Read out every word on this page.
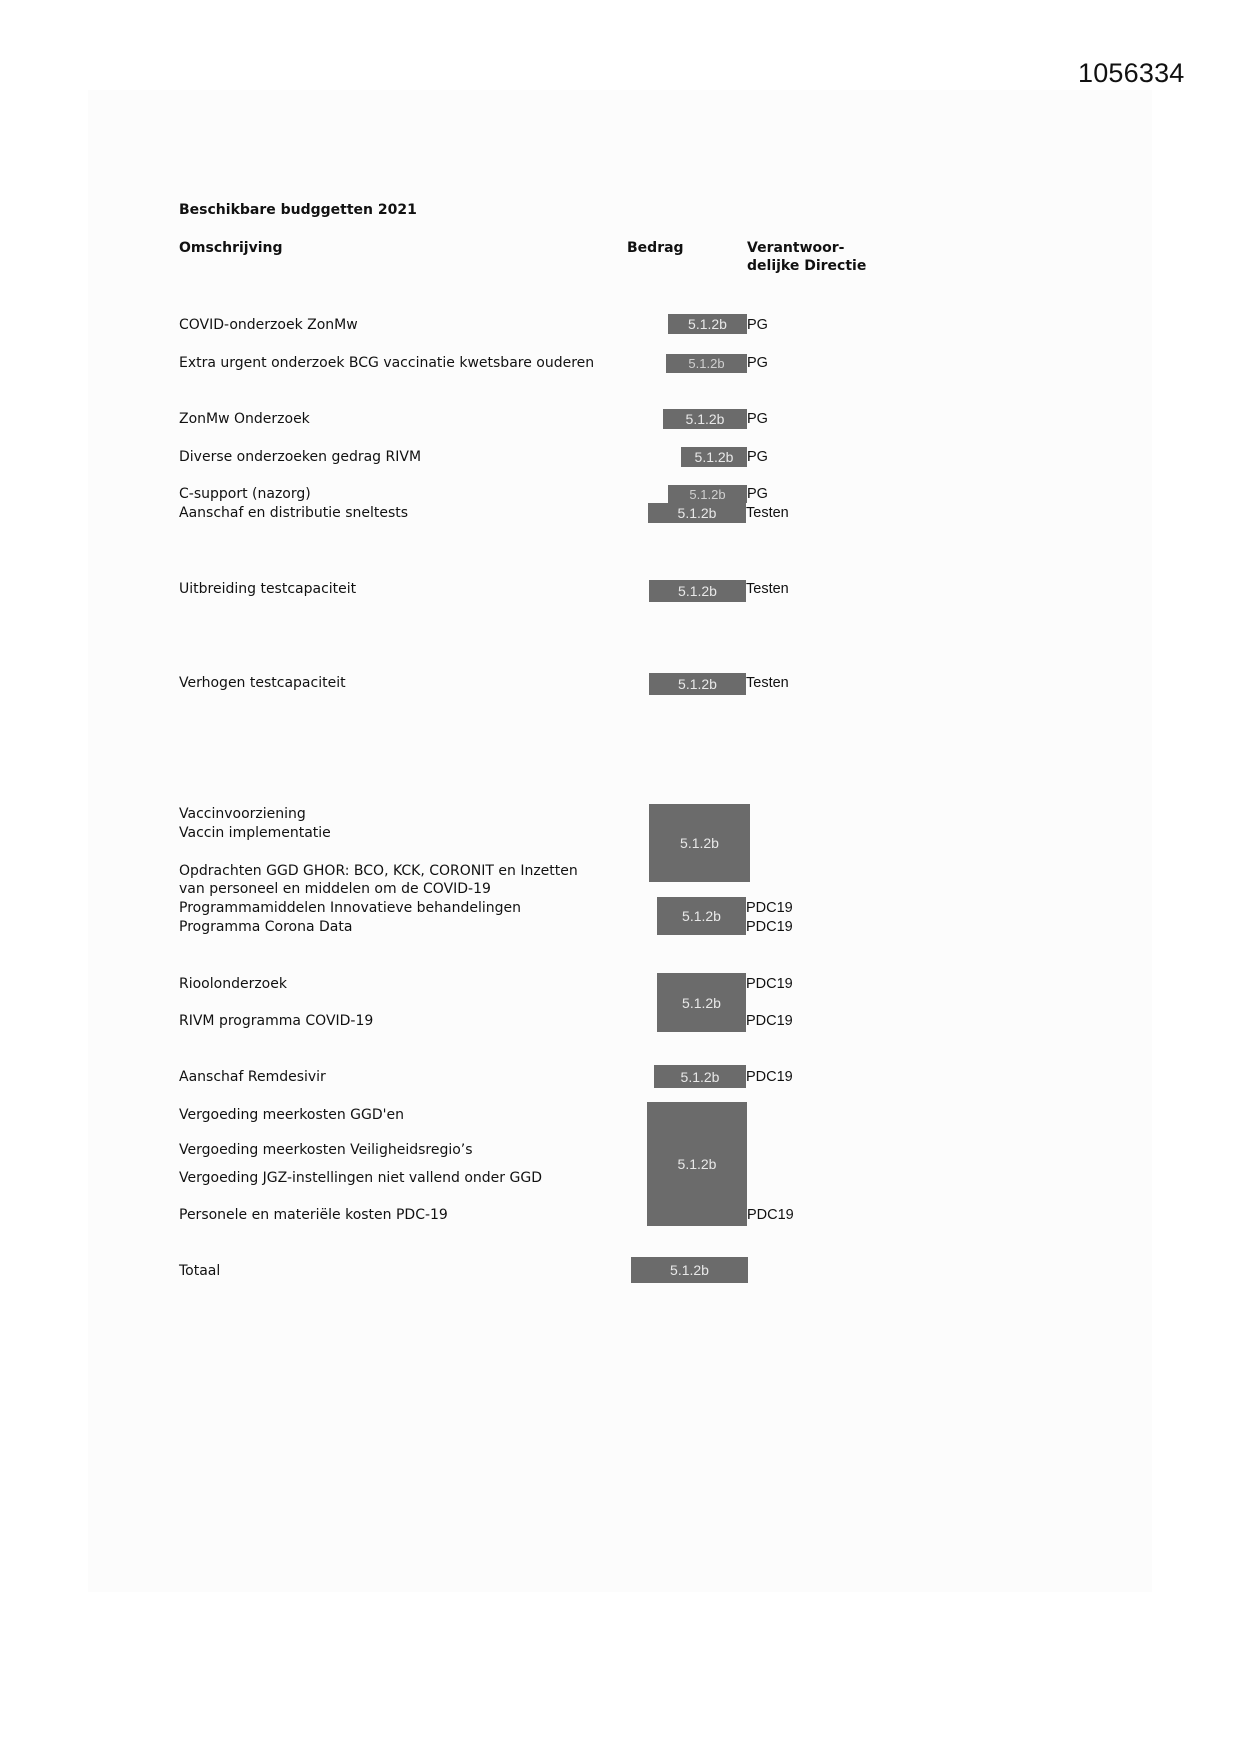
1056334
Beschikbare budggetten 2021
Omschrijving	Bedrag	Verantwoor-
delijke Directie
COVID-onderzoek ZonMw
Extra urgent onderzoek BCG vaccinatie kwetsbare ouderen
ZonMw Onderzoek
Diverse onderzoeken gedrag RIVM
C-support (nazorg)
Aanschaf en distributie sneltests
Uitbreiding testcapaciteit
Verhogen testcapaciteit
Vaccinvoorziening
Vaccin implementatie
Opdrachten GGD GHOR: BCO, KCK, CORONIT en Inzetten
van personeel en middelen om de COVID-19
Programmamiddelen Innovatieve behandelingen
Programma Corona Data
Rioolonderzoek
RIVM programma COVID-19
Aanschaf Remdesivir
Vergoeding meerkosten GGD'en
Vergoeding meerkosten Veiligheidsregio’s
Vergoeding JGZ-instellingen niet vallend onder GGD
Personele en materiële kosten PDC-19
Totaal
5.1.2b
5.1.2b
5.1.2b
5.1.2b
5.1.2b
5.1.2b
5.1.2b
5.1.2b
5.1.2b
5.1.2b
5.1.2b
5.1.2b
5.1.2b
5.1.2b
PG
PG
PG
PG
PG
Testen
Testen
Testen
PDC19
PDC19
PDC19
PDC19
PDC19
PDC19
